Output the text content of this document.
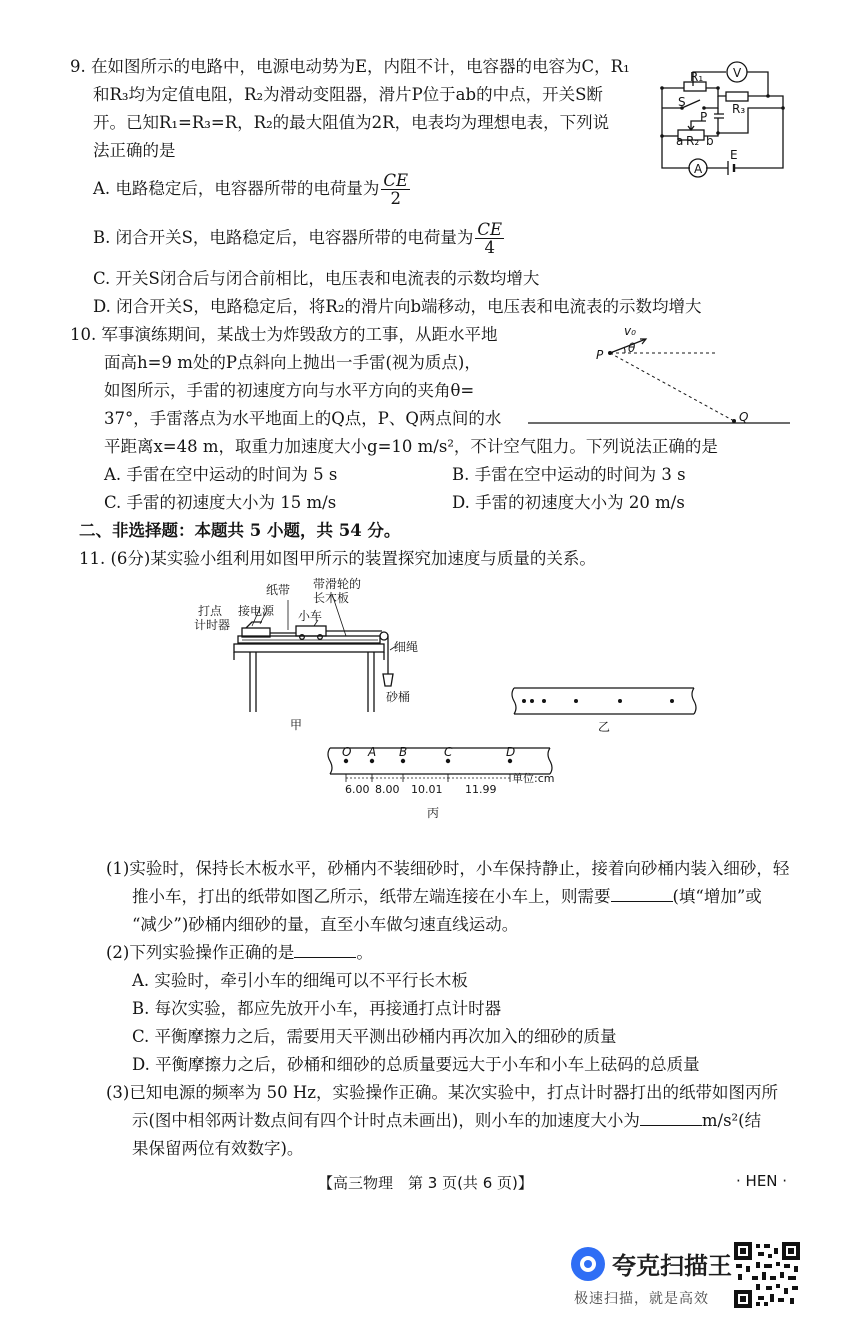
9. 在如图所示的电路中，电源电动势为E，内阻不计，电容器的电容为C，R₁
和R₃均为定值电阻，R₂为滑动变阻器，滑片P位于ab的中点，开关S断
开。已知R₁=R₃=R，R₂的最大阻值为2R，电表均为理想电表，下列说
法正确的是
A. 电路稳定后，电容器所带的电荷量为 $\frac{CE}{2}$
B. 闭合开关S，电路稳定后，电容器所带的电荷量为 $\frac{CE}{4}$
C. 开关S闭合后与闭合前相比，电压表和电流表的示数均增大
D. 闭合开关S，电路稳定后，将R₂的滑片向b端移动，电压表和电流表的示数均增大
R₁ V
R₃
S
P
a R₂ b
E
A
10. 军事演练期间，某战士为炸毁敌方的工事，从距水平地
面高h=9 m处的P点斜向上抛出一手雷(视为质点)，
如图所示，手雷的初速度方向与水平方向的夹角θ=
37°，手雷落点为水平地面上的Q点，P、Q两点间的水
平距离x=48 m，取重力加速度大小g=10 m/s²，不计空气阻力。下列说法正确的是
A. 手雷在空中运动的时间为 5 s	B. 手雷在空中运动的时间为 3 s
C. 手雷的初速度大小为 15 m/s	D. 手雷的初速度大小为 20 m/s
v₀
θ
P
Q
二、非选择题：本题共 5 小题，共 54 分。
11. (6分)某实验小组利用如图甲所示的装置探究加速度与质量的关系。
纸带 带滑轮的
长木板
打点
计时器
接电源 小车
细绳
砂桶
甲	乙
O A B	C	D
6.00 8.00 10.01 11.99
单位:cm
丙
(1)实验时，保持长木板水平，砂桶内不装细砂时，小车保持静止，接着向砂桶内装入细砂，轻
推小车，打出的纸带如图乙所示，纸带左端连接在小车上，则需要	(填“增加”或
“减少”)砂桶内细砂的量，直至小车做匀速直线运动。
(2)下列实验操作正确的是	。
A. 实验时，牵引小车的细绳可以不平行长木板
B. 每次实验，都应先放开小车，再接通打点计时器
C. 平衡摩擦力之后，需要用天平测出砂桶内再次加入的细砂的质量
D. 平衡摩擦力之后，砂桶和细砂的总质量要远大于小车和小车上砝码的总质量
(3)已知电源的频率为 50 Hz，实验操作正确。某次实验中，打点计时器打出的纸带如图丙所
示(图中相邻两计数点间有四个计时点未画出)，则小车的加速度大小为	m/s²(结
果保留两位有效数字)。
【高三物理　第 3 页(共 6 页)】	· HEN ·
夸克扫描王
极速扫描，就是高效
